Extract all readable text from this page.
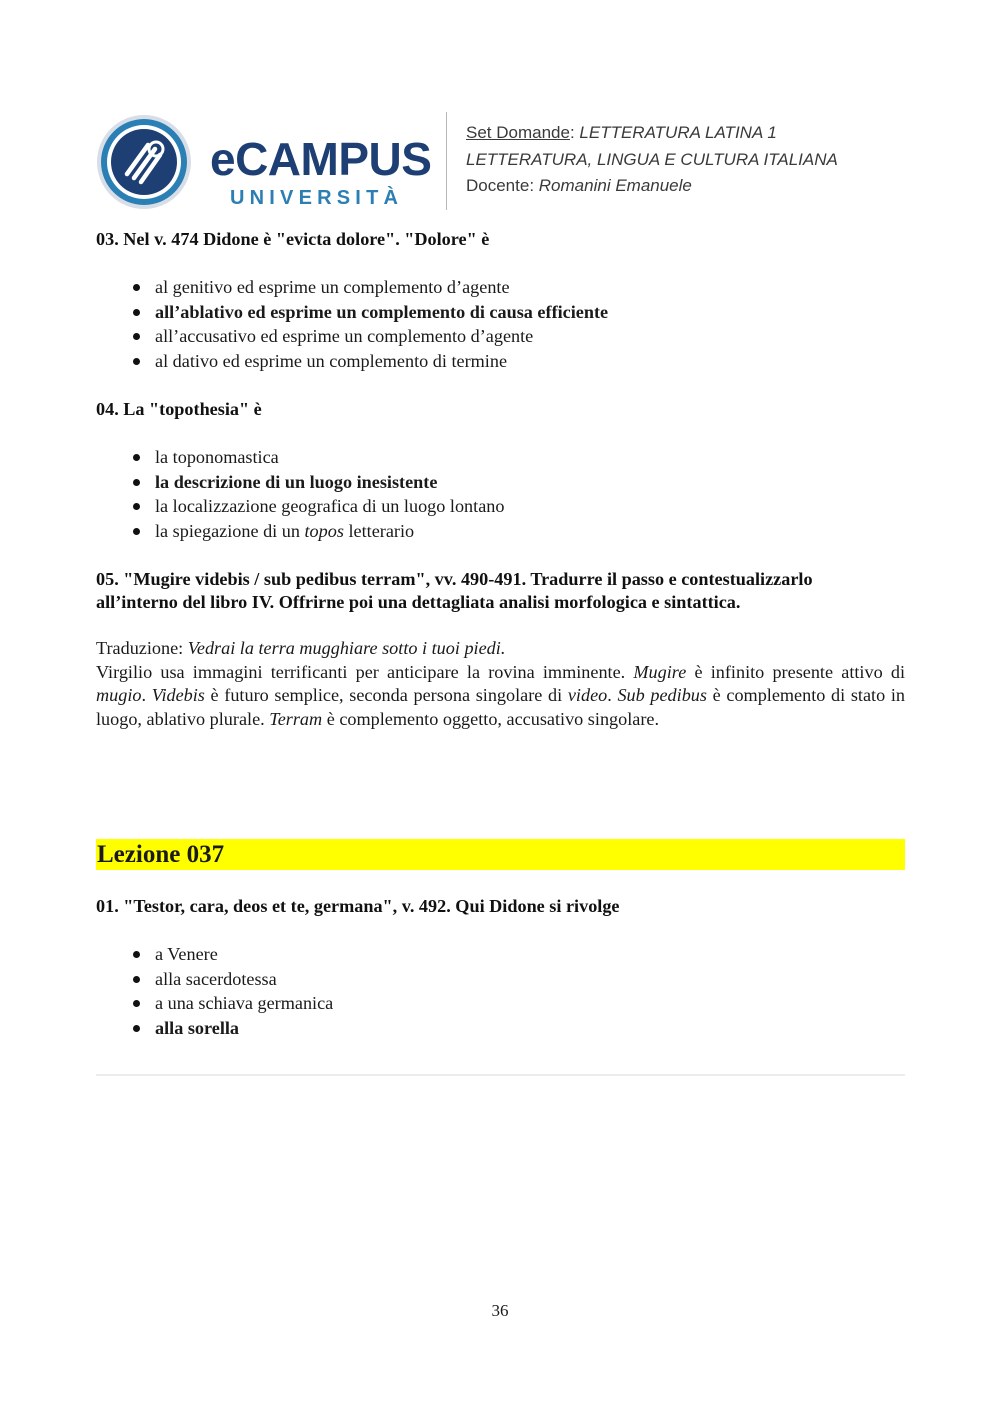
eCAMPUS
UNIVERSITÀ
Set Domande: LETTERATURA LATINA 1
LETTERATURA, LINGUA E CULTURA ITALIANA
Docente: Romanini Emanuele
03. Nel v. 474 Didone è "evicta dolore". "Dolore" è
al genitivo ed esprime un complemento d’agente
all’ablativo ed esprime un complemento di causa efficiente
all’accusativo ed esprime un complemento d’agente
al dativo ed esprime un complemento di termine
04. La "topothesia" è
la toponomastica
la descrizione di un luogo inesistente
la localizzazione geografica di un luogo lontano
la spiegazione di un topos letterario
05. "Mugire videbis / sub pedibus terram", vv. 490-491. Tradurre il passo e contestualizzarlo
all’interno del libro IV. Offrirne poi una dettagliata analisi morfologica e sintattica.

Traduzione: Vedrai la terra mugghiare sotto i tuoi piedi.

Virgilio usa immagini terrificanti per anticipare la rovina imminente. Mugire è infinito presente attivo di mugio. Videbis è futuro semplice, seconda persona singolare di video. Sub pedibus è complemento di stato in luogo, ablativo plurale. Terram è complemento oggetto, accusativo singolare.

Lezione 037
01. "Testor, cara, deos et te, germana", v. 492. Qui Didone si rivolge
a Venere
alla sacerdotessa
a una schiava germanica
alla sorella
36
